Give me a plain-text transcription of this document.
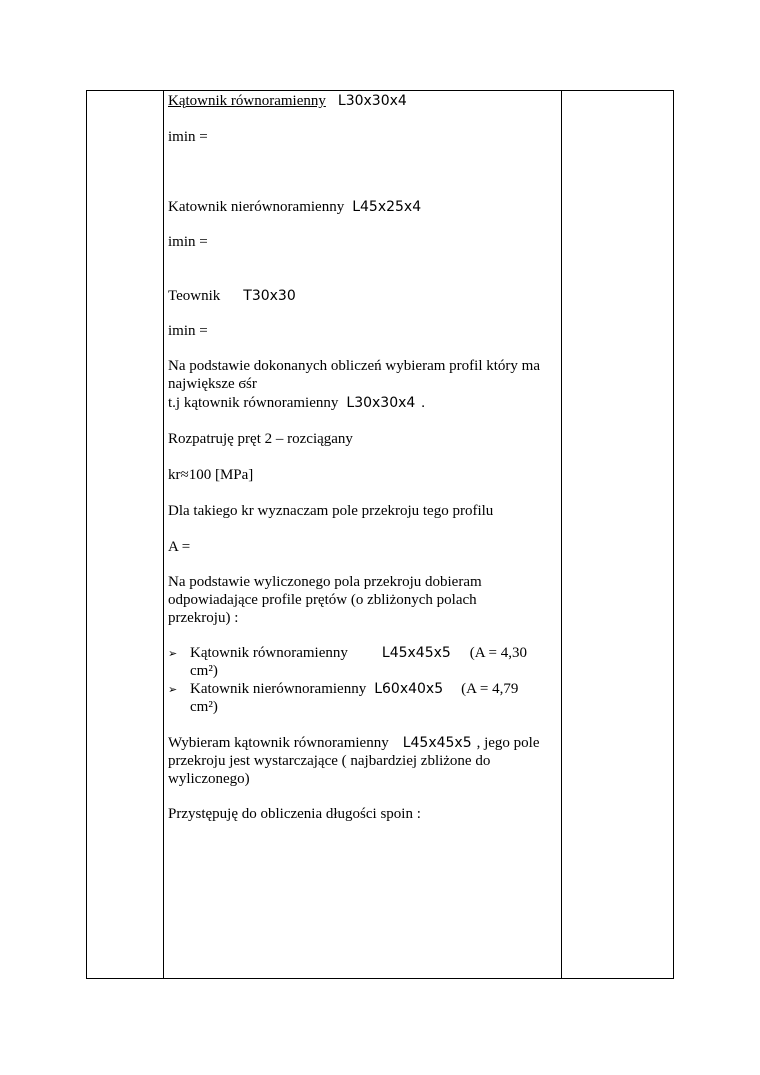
Kątownik równoramienny L30x30x4
imin =
Katownik nierównoramienny L45x25x4
imin =
Teownik T30x30
imin =
Na podstawie dokonanych obliczeń wybieram profil który ma
największe ϭśr
t.j kątownik równoramienny L30x30x4 .
Rozpatruję pręt 2 – rozciągany
kr≈100 [MPa]
Dla takiego kr wyznaczam pole przekroju tego profilu
A =
Na podstawie wyliczonego pola przekroju dobieram
odpowiadające profile prętów (o zbliżonych polach
przekroju) :
➢ Kątownik równoramienny L45x45x5 (A = 4,30
cm²)
➢ Katownik nierównoramienny L60x40x5 (A = 4,79
cm²)
Wybieram kątownik równoramienny L45x45x5 , jego pole
przekroju jest wystarczające ( najbardziej zbliżone do
wyliczonego)
Przystępuję do obliczenia długości spoin :
